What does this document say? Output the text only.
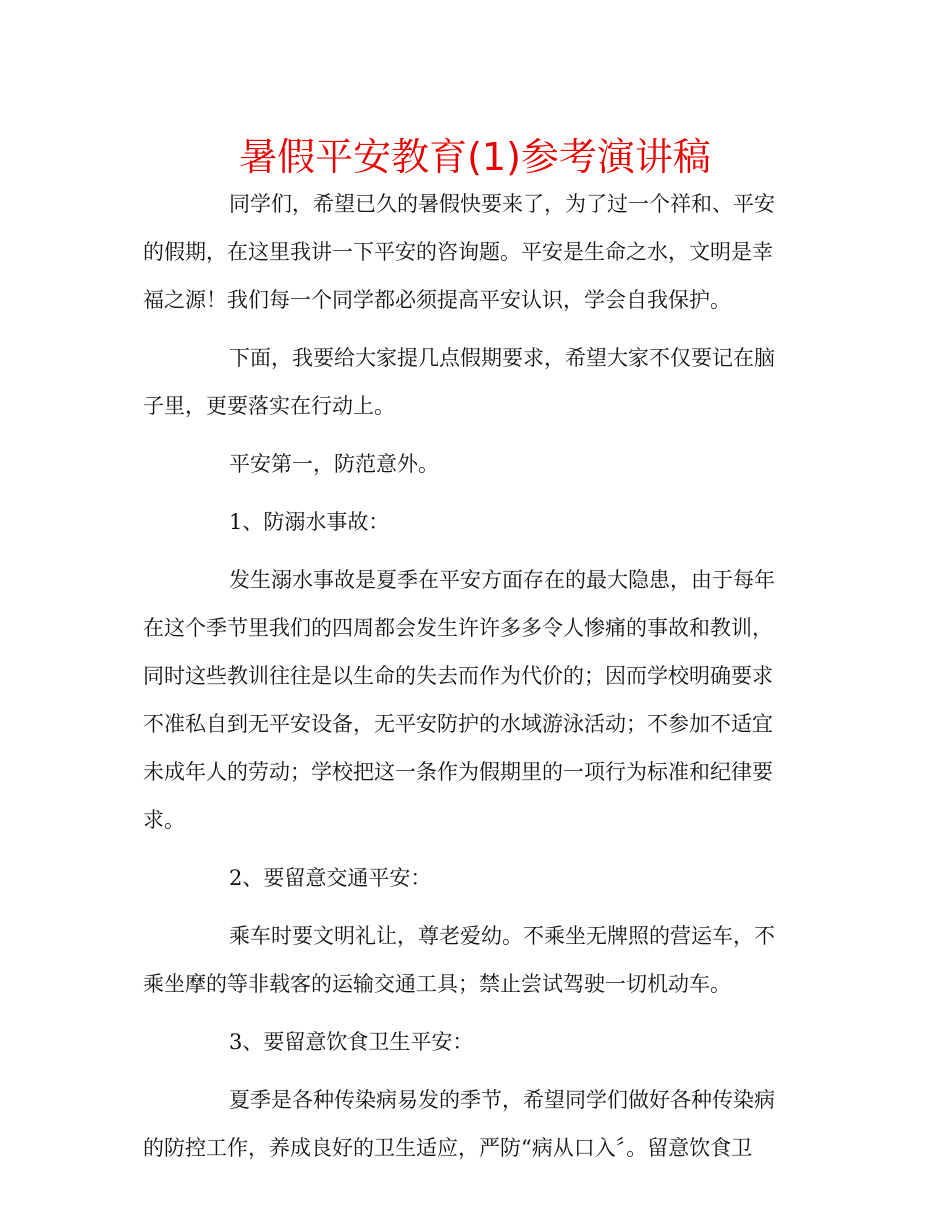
暑假平安教育(1)参考演讲稿

同学们，希望已久的暑假快要来了，为了过一个祥和、平安
的假期，在这里我讲一下平安的咨询题。平安是生命之水，文明是幸
福之源！我们每一个同学都必须提高平安认识，学会自我保护。

下面，我要给大家提几点假期要求，希望大家不仅要记在脑
子里，更要落实在行动上。

平安第一，防范意外。

1、防溺水事故：

发生溺水事故是夏季在平安方面存在的最大隐患，由于每年
在这个季节里我们的四周都会发生许许多多令人惨痛的事故和教训，
同时这些教训往往是以生命的失去而作为代价的；因而学校明确要求
不准私自到无平安设备，无平安防护的水域游泳活动；不参加不适宜
未成年人的劳动；学校把这一条作为假期里的一项行为标准和纪律要
求。

2、要留意交通平安：

乘车时要文明礼让，尊老爱幼。不乘坐无牌照的营运车，不
乘坐摩的等非载客的运输交通工具；禁止尝试驾驶一切机动车。

3、要留意饮食卫生平安：

夏季是各种传染病易发的季节，希望同学们做好各种传染病
的防控工作，养成良好的卫生适应，严防“病从口入〞。留意饮食卫
